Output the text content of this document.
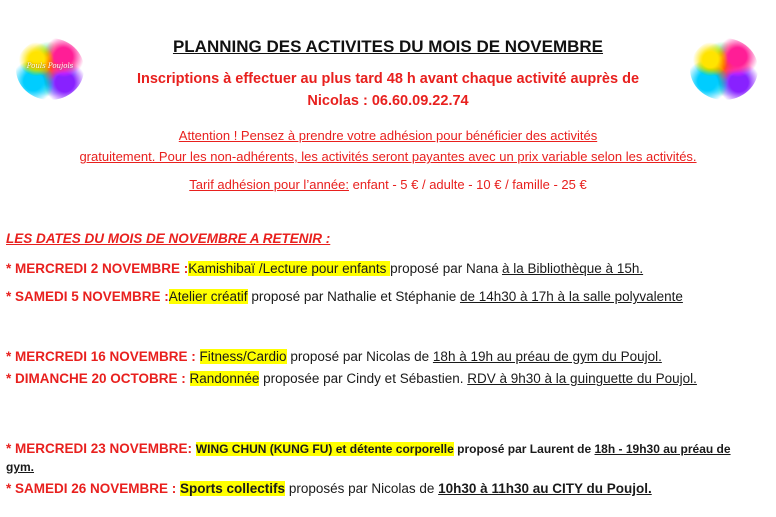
Pouls Poujols
PLANNING DES ACTIVITES DU MOIS DE NOVEMBRE
Inscriptions à effectuer au plus tard 48 h avant chaque activité auprès de
Nicolas : 06.60.09.22.74
Attention ! Pensez à prendre votre adhésion pour bénéficier des activités
gratuitement. Pour les non-adhérents, les activités seront payantes avec un prix variable selon les activités.
Tarif adhésion pour l’année: enfant - 5 € / adulte - 10 € / famille - 25 €
LES DATES DU MOIS DE NOVEMBRE A RETENIR :
* MERCREDI 2 NOVEMBRE :Kamishibaï /Lecture pour enfants proposé par Nana à la Bibliothèque à 15h.
* SAMEDI 5 NOVEMBRE :Atelier créatif proposé par Nathalie et Stéphanie de 14h30 à 17h à la salle polyvalente
* MERCREDI 16 NOVEMBRE : Fitness/Cardio proposé par Nicolas de 18h à 19h au préau de gym du Poujol.
* DIMANCHE 20 OCTOBRE : Randonnée proposée par Cindy et Sébastien. RDV à 9h30 à la guinguette du Poujol.
* MERCREDI 23 NOVEMBRE: WING CHUN (KUNG FU) et détente corporelle proposé par Laurent de 18h - 19h30 au préau de
gym.
* SAMEDI 26 NOVEMBRE : Sports collectifs proposés par Nicolas de 10h30 à 11h30 au CITY du Poujol.
